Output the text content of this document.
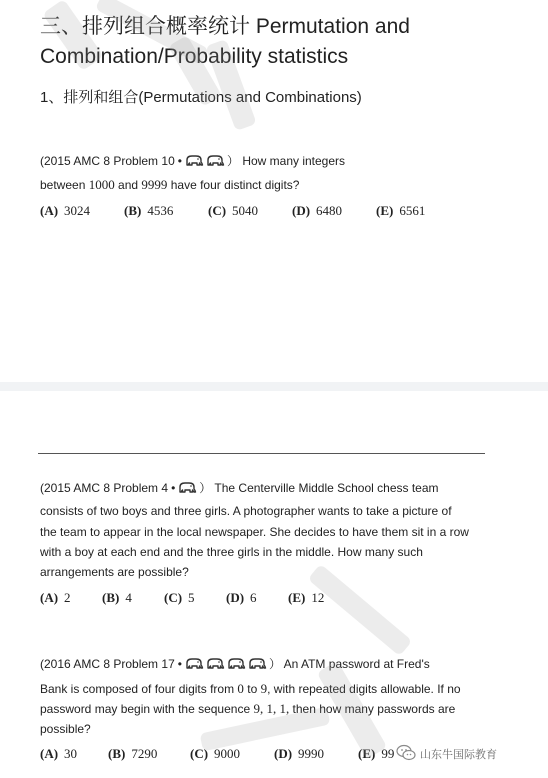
三、排列组合概率统计 Permutation and
Combination/Probability statistics
1、排列和组合(Permutations and Combinations)
(2015 AMC 8 Problem 10 •	） How many integers
between 1000 and 9999 have four distinct digits?
(A) 3024	(B) 4536	(C) 5040	(D) 6480	(E) 6561
(2015 AMC 8 Problem 4 • ） The Centerville Middle School chess team
consists of two boys and three girls. A photographer wants to take a picture of
the team to appear in the local newspaper. She decides to have them sit in a row
with a boy at each end and the three girls in the middle. How many such
arrangements are possible?
(A) 2 (B) 4 (C) 5 (D) 6 (E) 12
(2016 AMC 8 Problem 17 •	） An ATM password at Fred's
Bank is composed of four digits from 0 to 9, with repeated digits allowable. If no
password may begin with the sequence 9, 1, 1, then how many passwords are
possible?
(A) 30 (B) 7290	(C) 9000	(D) 9990	(E) 99 山东牛国际教育
